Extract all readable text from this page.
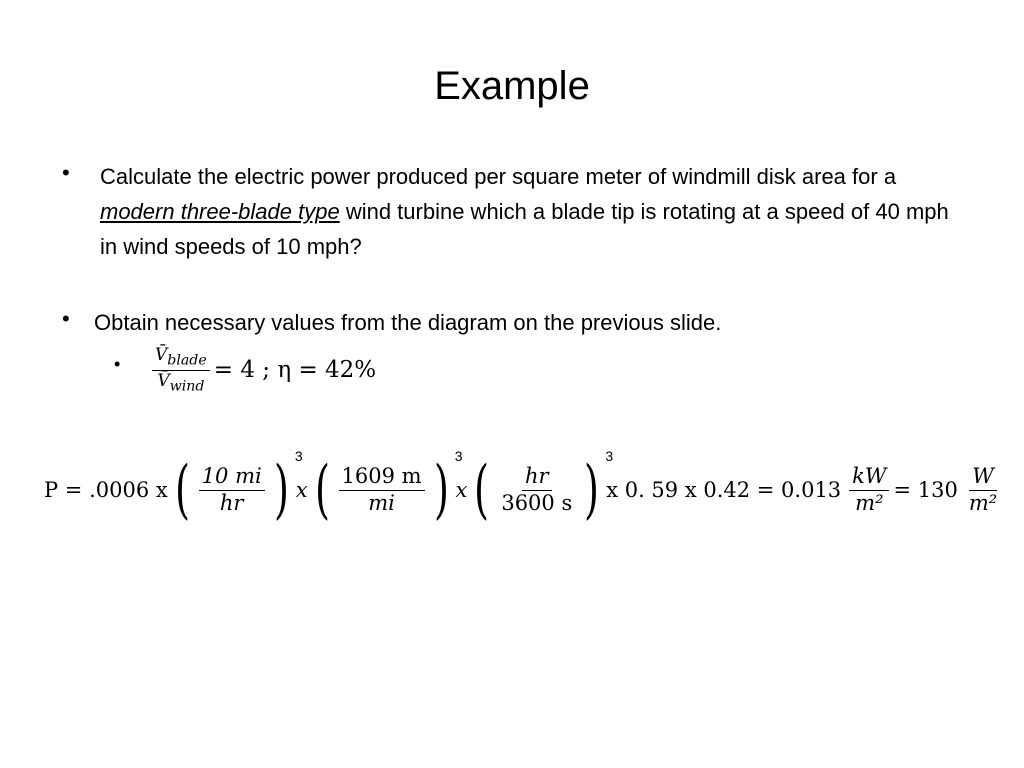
Example
• Calculate the electric power produced per square meter of windmill disk area for a modern three-blade type wind turbine which a blade tip is rotating at a speed of 40 mph in wind speeds of 10 mph?
• Obtain necessary values from the diagram on the previous slide.
• $\frac{V̄_{blade}}{V̄_{wind}} = 4$ ; η = 42%
P = .0006 x ( $\frac{10 mi}{hr}$ ) $^3$
x ( $\frac{1609 m}{mi}$ ) $^3$
x ( $\frac{hr}{3600 s}$ ) $^3$
x 0. 59 x $0.42 = 0.013 \frac{kW}{\text{m²}} = 130 \frac{W}{\text{m²}}$
